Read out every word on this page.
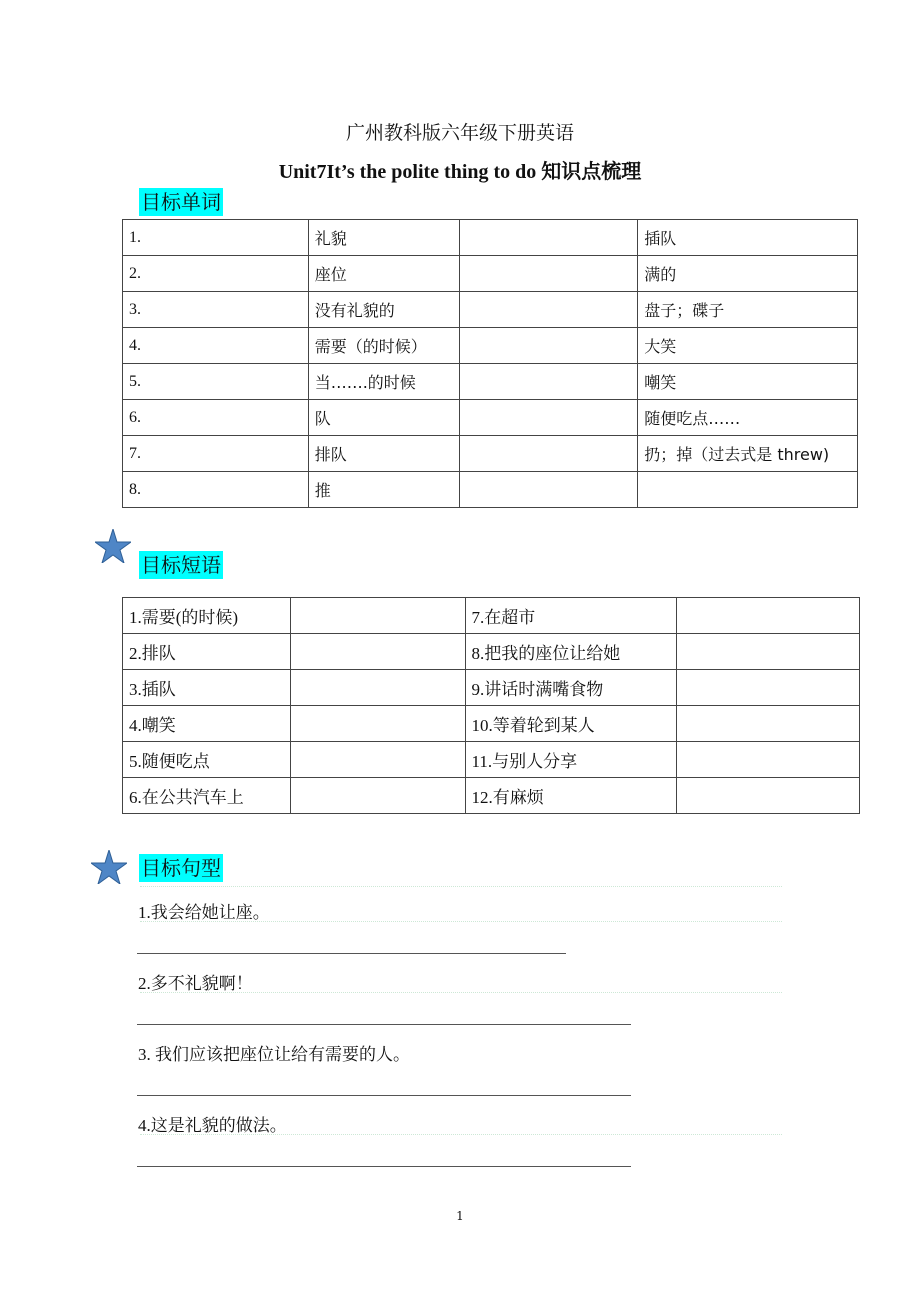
广州教科版六年级下册英语
Unit7It’s the polite thing to do 知识点梳理
目标单词
1.	礼貌		插队
2.	座位		满的
3.	没有礼貌的		盘子；碟子
4.	需要（的时候）		大笑
5.	当…….的时候		嘲笑
6.	队		随便吃点……
7.	排队		扔；掉（过去式是 threw)
8.	推		
目标短语
1.需要(的时候)		7.在超市	
2.排队		8.把我的座位让给她	
3.插队		9.讲话时满嘴食物	
4.嘲笑		10.等着轮到某人	
5.随便吃点		11.与别人分享	
6.在公共汽车上		12.有麻烦	
目标句型
1.我会给她让座。
2.多不礼貌啊！
3. 我们应该把座位让给有需要的人。
4.这是礼貌的做法。
1
